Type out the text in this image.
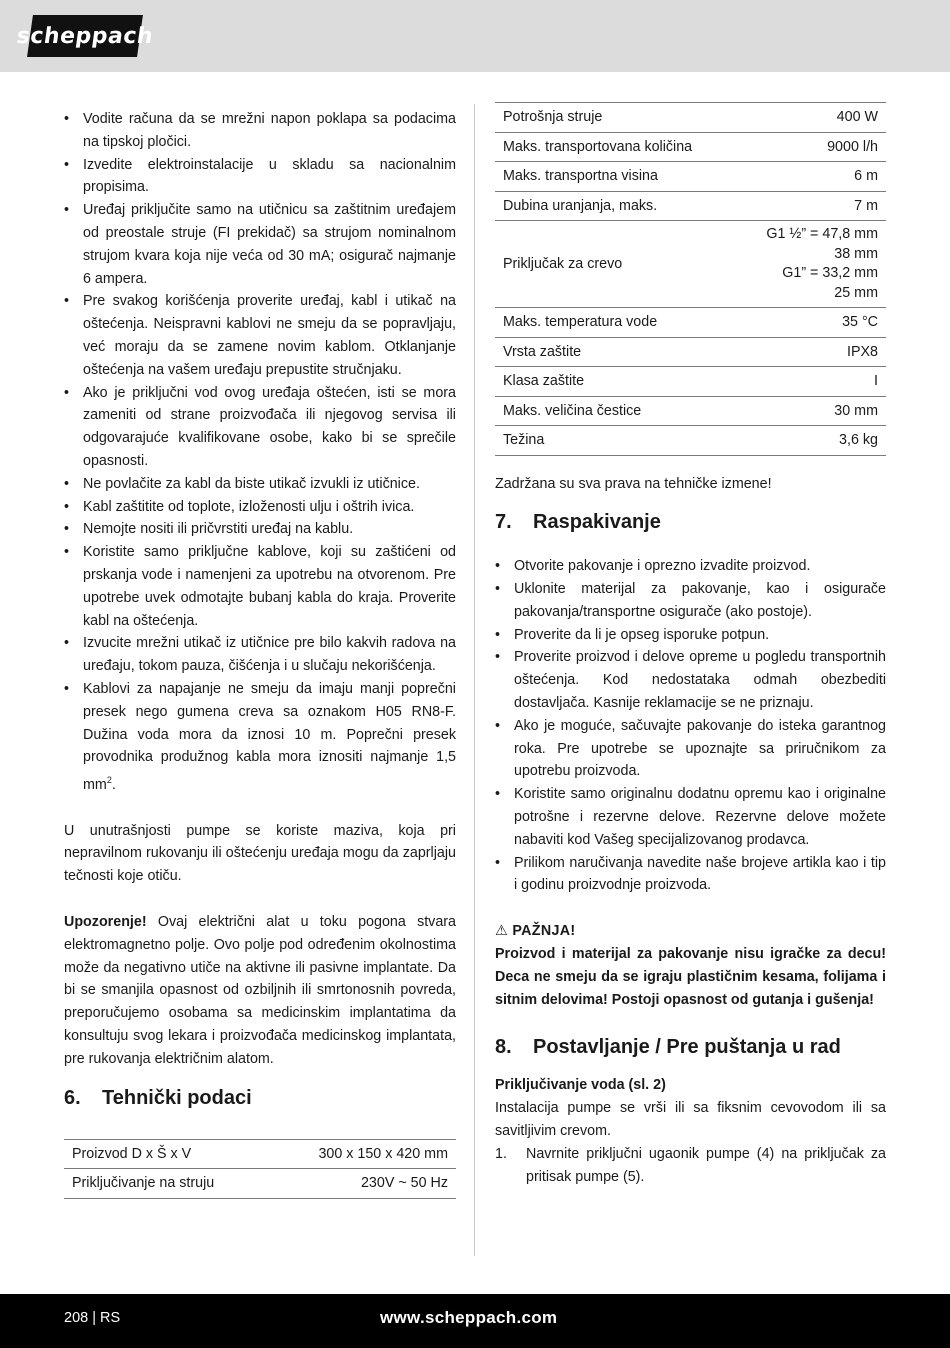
scheppach
• Vodite računa da se mrežni napon poklapa sa podacima na tipskoj pločici.
• Izvedite elektroinstalacije u skladu sa nacionalnim propisima.
• Uređaj priključite samo na utičnicu sa zaštitnim uređajem od preostale struje (FI prekidač) sa strujom nominalnom strujom kvara koja nije veća od 30 mA; osigurač najmanje 6 ampera.
• Pre svakog korišćenja proverite uređaj, kabl i utikač na oštećenja. Neispravni kablovi ne smeju da se popravljaju, već moraju da se zamene novim kablom. Otklanjanje oštećenja na vašem uređaju prepustite stručnjaku.
• Ako je priključni vod ovog uređaja oštećen, isti se mora zameniti od strane proizvođača ili njegovog servisa ili odgovarajuće kvalifikovane osobe, kako bi se sprečile opasnosti.
• Ne povlačite za kabl da biste utikač izvukli iz utičnice.
• Kabl zaštitite od toplote, izloženosti ulju i oštrih ivica.
• Nemojte nositi ili pričvrstiti uređaj na kablu.
• Koristite samo priključne kablove, koji su zaštićeni od prskanja vode i namenjeni za upotrebu na otvorenom. Pre upotrebe uvek odmotajte bubanj kabla do kraja. Proverite kabl na oštećenja.
• Izvucite mrežni utikač iz utičnice pre bilo kakvih radova na uređaju, tokom pauza, čišćenja i u slučaju nekorišćenja.
• Kablovi za napajanje ne smeju da imaju manji poprečni presek nego gumena creva sa oznakom H05 RN8-F. Dužina voda mora da iznosi 10 m. Poprečni presek provodnika produžnog kabla mora iznositi najmanje 1,5 $mm^2$.

U unutrašnjosti pumpe se koriste maziva, koja pri nepravilnom rukovanju ili oštećenju uređaja mogu da zaprljaju tečnosti koje otiču.

Upozorenje! Ovaj električni alat u toku pogona stvara elektromagnetno polje. Ovo polje pod određenim okolnostima može da negativno utiče na aktivne ili pasivne implantate. Da bi se smanjila opasnost od ozbiljnih ili smrtonosnih povreda, preporučujemo osobama sa medicinskim implantatima da konsultuju svog lekara i proizvođača medicinskog implantata, pre rukovanja električnim alatom.

6.	Tehnički podaci
Proizvod D x Š x V	300 x 150 x 420 mm
Priključivanje na struju	230V ~ 50 Hz
Potrošnja struje	400 W
Maks. transportovana količina	9000 l/h
Maks. transportna visina	6 m
Dubina uranjanja, maks.	7 m
Priključak za crevo	G1 ½” = 47,8 mm
38 mm
G1” = 33,2 mm
25 mm

Maks. temperatura vode	35 °C
Vrsta zaštite	IPX8
Klasa zaštite	I
Maks. veličina čestice	30 mm
Težina	3,6 kg

Zadržana su sva prava na tehničke izmene!

7.	Raspakivanje
• Otvorite pakovanje i oprezno izvadite proizvod.
• Uklonite materijal za pakovanje, kao i osigurače pakovanja/transportne osigurače (ako postoje).
• Proverite da li je opseg isporuke potpun.
• Proverite proizvod i delove opreme u pogledu transportnih oštećenja. Kod nedostataka odmah obezbediti dostavljača. Kasnije reklamacije se ne priznaju.
• Ako je moguće, sačuvajte pakovanje do isteka garantnog roka. Pre upotrebe se upoznajte sa priručnikom za upotrebu proizvoda.
• Koristite samo originalnu dodatnu opremu kao i originalne potrošne i rezervne delove. Rezervne delove možete nabaviti kod Vašeg specijalizovanog prodavca.
• Prilikom naručivanja navedite naše brojeve artikla kao i tip i godinu proizvodnje proizvoda.
⚠ PAŽNJA!

Proizvod i materijal za pakovanje nisu igračke za decu! Deca ne smeju da se igraju plastičnim kesama, folijama i sitnim delovima! Postoji opasnost od gutanja i gušenja!

8.	Postavljanje / Pre puštanja u rad
Priključivanje voda (sl. 2)

Instalacija pumpe se vrši ili sa fiksnim cevovodom ili sa savitljivim crevom.

1. Navrnite priključni ugaonik pumpe (4) na priključak za pritisak pumpe (5).
208 | RS	www.scheppach.com
